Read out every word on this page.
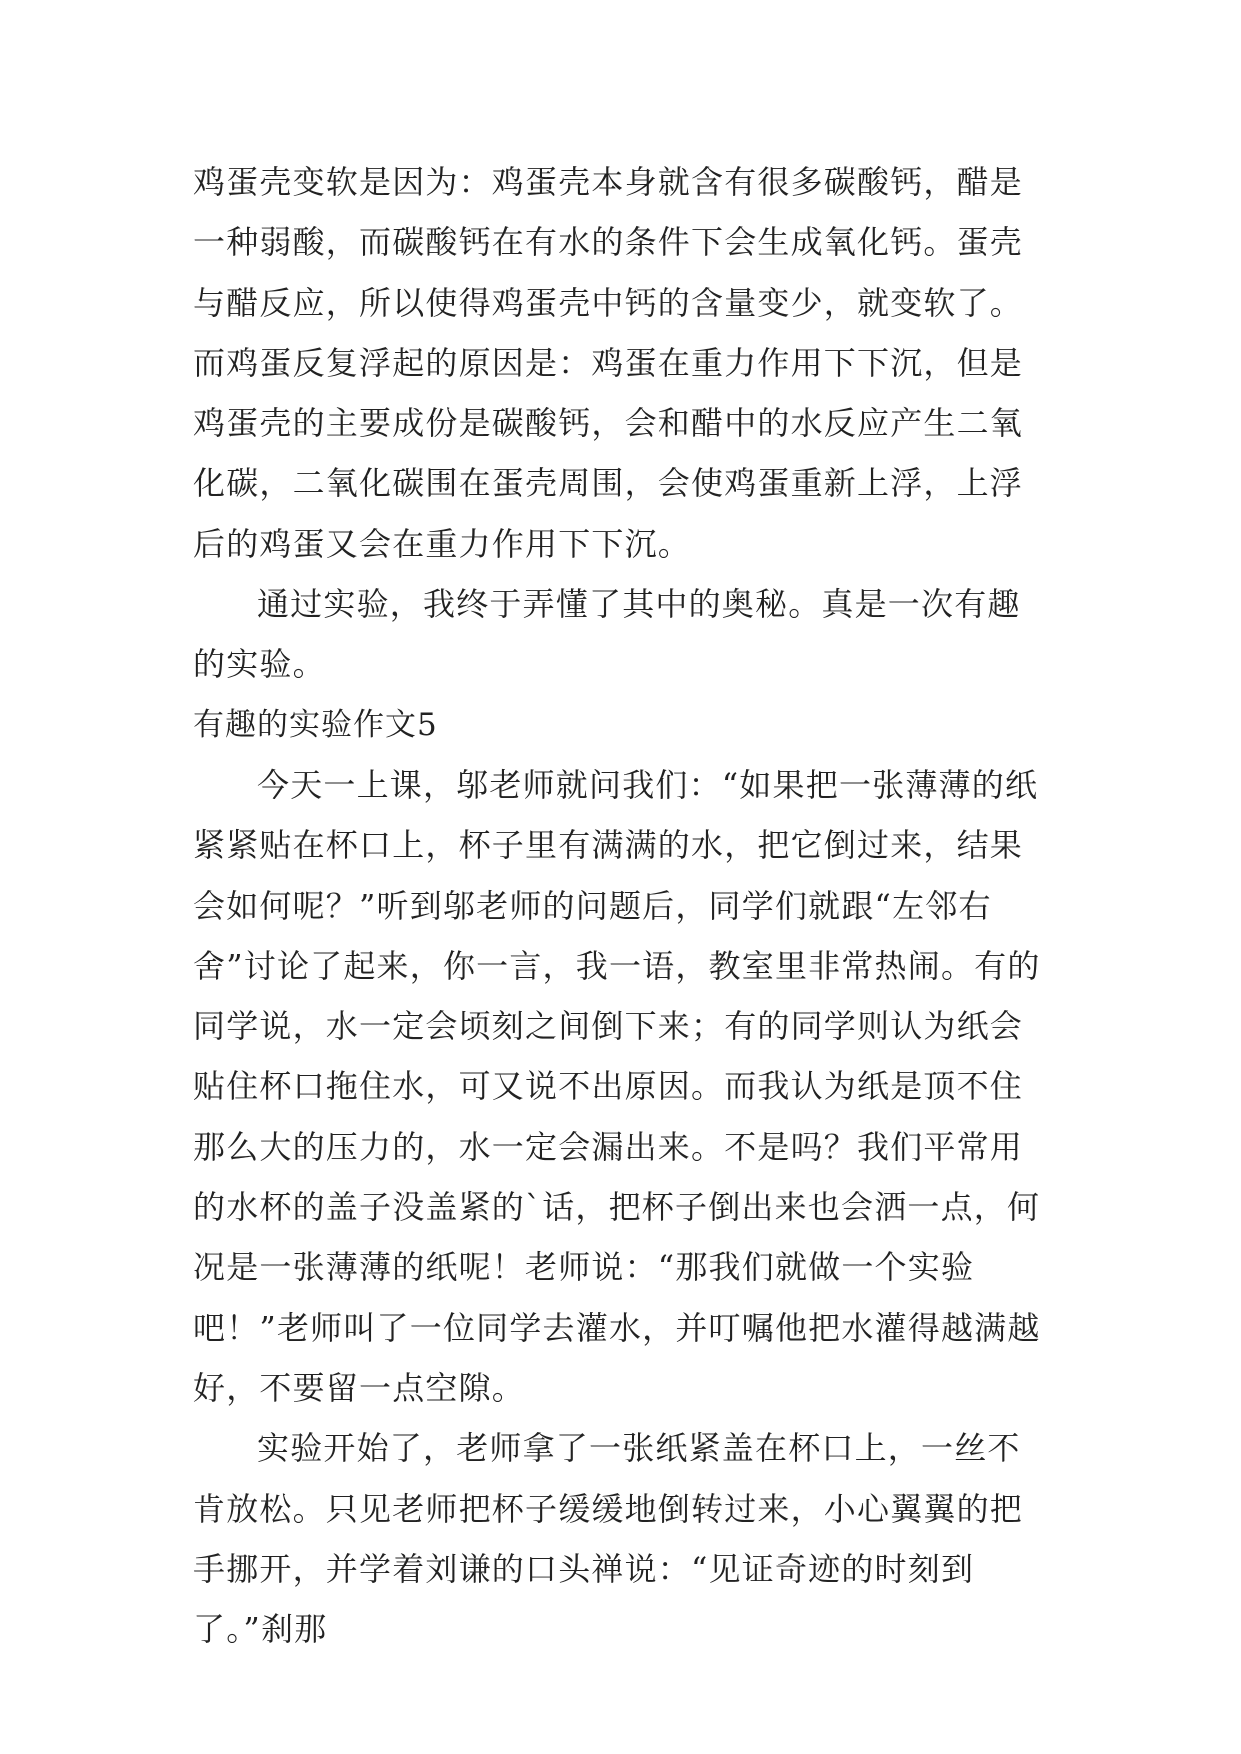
鸡蛋壳变软是因为：鸡蛋壳本身就含有很多碳酸钙，醋是一种弱酸，而碳酸钙在有水的条件下会生成氧化钙。蛋壳与醋反应，所以使得鸡蛋壳中钙的含量变少，就变软了。而鸡蛋反复浮起的原因是：鸡蛋在重力作用下下沉，但是鸡蛋壳的主要成份是碳酸钙，会和醋中的水反应产生二氧化碳，二氧化碳围在蛋壳周围，会使鸡蛋重新上浮，上浮后的鸡蛋又会在重力作用下下沉。

通过实验，我终于弄懂了其中的奥秘。真是一次有趣的实验。

有趣的实验作文5

今天一上课，邬老师就问我们：“如果把一张薄薄的纸紧紧贴在杯口上，杯子里有满满的水，把它倒过来，结果会如何呢？”听到邬老师的问题后，同学们就跟“左邻右舍”讨论了起来，你一言，我一语，教室里非常热闹。有的同学说，水一定会顷刻之间倒下来；有的同学则认为纸会贴住杯口拖住水，可又说不出原因。而我认为纸是顶不住那么大的压力的，水一定会漏出来。不是吗？我们平常用的水杯的盖子没盖紧的`话，把杯子倒出来也会洒一点，何况是一张薄薄的纸呢！老师说：“那我们就做一个实验吧！”老师叫了一位同学去灌水，并叮嘱他把水灌得越满越好，不要留一点空隙。

实验开始了，老师拿了一张纸紧盖在杯口上，一丝不肯放松。只见老师把杯子缓缓地倒转过来，小心翼翼的把手挪开，并学着刘谦的口头禅说：“见证奇迹的时刻到了。”刹那
